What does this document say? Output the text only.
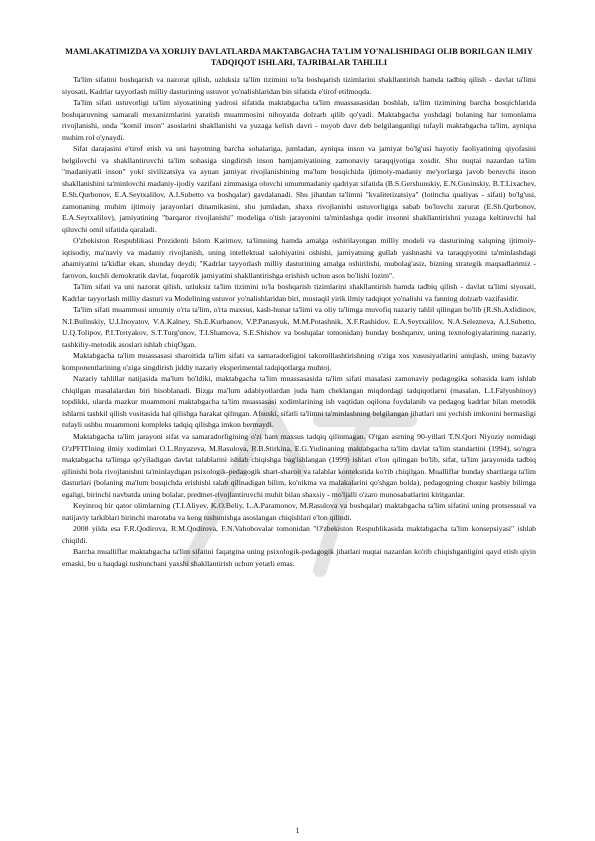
MAMLAKATIMIZDA VA XORIJIY DAVLATLARDA MAKTABGACHA TA'LIM YO'NALISHIDAGI OLIB BORILGAN ILMIY TADQIQOT ISHLARI, TAJRIBALAR TAHLILI

Ta'lim sifatini boshqarish va nazorat qilish, uzluksiz ta'lim tizimini to'la boshqarish tizimlarini shakllantirish hamda tadbiq qilish - davlat ta'limi siyosati, Kadrlar tayyorlash milliy dasturining ustuvor yo'nalishlaridan bin sifatida e'tirof etilmoqda.

Ta'lim sifati ustuvorligi ta'lim siyosatining yadrosi sifatida maktabgacha ta'lim muassasasidan boshlab, ta'lim tizimining barcha bosqichlarida boshqaruvning samarali mexanizmlarini yaratish muammosini nihoyatda dolzarb qilib qo'yadi. Maktabgacha yoshdagi bolaning har tomonlama rivojlanishi, unda "komil inson" asoslarini shakllanishi va yuzaga kelish davri - noyob davr deb belgilanganligi tufayli maktabgacha ta'lim, ayniqsa muhim rol o'ynaydi.

Sifat darajasini e'tirof etish va uni hayotning barcha sohalariga, jumladan, ayniqsa inson va jamiyat bo'lg'usi hayotiy faoliyatining qiyofasini belgilovchi va shakllantiruvchi ta'lim sohasiga singdirish inson hamjamiyatining zamonaviy taraqqiyotiga xosdir. Shu nuqtai nazardan ta'lim "madaniyatli inson" yoki sivilizatsiya va aynan jamiyat rivojlanishining ma'lum bosqichida ijtimoiy-madaniy me'yorlarga javob beruvchi inson shakllanishini ta'minlovchi madaniy-ijodiy vazifani zimmasiga oluvchi umummadaniy qadriyat sifatida (B.S.Gershunskiy, E.N.Gusinskiy, B.T.Lixachev, E.Sh.Qurbonov, E.A.Seytxalilov, A.I.Subetto va boshqalar) gavdalanadi. Shu jihatdan ta'limni "kvalitetizatsiya" (lotincha qualiyas - sifati) bo'lg'usi, zamonaning muhim ijtimoiy jarayonlari dinamikasini, shu jumladan, shaxs rivojlanishi ustuvorligiga sabab bo'luvchi zarurat (E.Sh.Qurbonov, E.A.Seytxalilov), jamiyatining "barqaror rivojlanishi" modeliga o'tish jarayonini ta'minlashga qodir insonni shakllantirishni yuzaga keltiruvchi hal qiluvchi omil sifatida qaraladi.

O'zbekiston Respublikasi Prezidenti Islom Karimov, ta'limning hamda amalga oshirilayotgan milliy modeli va dasturining xalqning ijtimoiy-iqtisodiy, ma'naviy va madaniy rivojlanish, uning intellektual salohiyatini oshishi, jamiyatning gullab yashnashi va taraqqiyotini ta'minlashdagi ahamiyatini ta'kidlar ekan, shunday deydi; "Kadrlar tayyorlash milliy dasturining amalga oshirilishi, mubolag'asiz, bizning strategik maqsadlarimiz - farovon, kuchli demokratik davlat, fuqarolik jamiyatini shakllantirishga erishish uchun asos bo'lishi lozim".

Ta'lim sifati va uni nazorat qilish, uzluksiz ta'lim tizimini to'la boshqarish tizimlarini shakllantirish hamda tadbiq qilish - davlat ta'limi siyosati, Kadrlar tayyorlash milliy dasturi va Modelining ustuvor yo'nalishlaridan biri, mustaqil yirik ilmiy tadqiqot yo'nalishi va fanning dolzarb vazifasidir.

Ta'lim sifati muammosi umumiy o'rta ta'lim, o'rta maxsus, kasb-hunar ta'limi va oliy ta'limga muvofiq nazariy tahlil qilingan bo'lib (R.Sh.Axlidinov, N.I.Bulinskiy, U.I.Inoyatov, V.A.Kalney, Sh.E.Kurbanov, V.P.Panasyuk, M.M.Potashnik, X.F.Rashidov, E.A.Seytxalilov, N.A.Selezneva, A.I.Subetto, U.Q.Tolipov, P.I.Tretyakov, S.T.Turg'unov, T.I.Shamova, S.E.Shishov va boshqalar tomonidan) bunday boshqaruv, uning texnologiyalarining nazariy, tashkiliy-metodik asoslari ishlab chiqOgan.

Maktabgacha ta'lim muassasasi sharoitida ta'lim sifati va samaradorligini takomillashtirishning o'ziga xos xususiyatlarini aniqlash, uning bazaviy komponentlarining o'ziga singdirish jiddiy nazariy eksperimental tadqiqotlarga muhtoj.

Nazariy tahlillar natijasida ma'lum bo'ldiki, maktabgacha ta'lim muassasasida ta'lim sifati masalasi zamonaviy pedagogika sohasida kam ishlab chiqilgan masalalardan biri hisoblanadi. Bizga ma'lum adabiyotlardan juda ham cheklangan miqdordagi tadqiqotlarni (masalan, L.I.Falyushinoy) topdikki, ularda mazkur muammoni maktabgacha ta'lim muassasasi xodimlarining ish vaqtidan oqilona foydalanib va pedagog kadrlar bilan metodik ishlarni tashkil qilish vositasida hal qilishga harakat qilingan. Afsuski, sifatli ta'limni ta'minlashning belgilangan jihatlari uni yechish imkonini bermasligi tufayli ushbu muammoni kompleks tadqiq qilishga imkon bermaydi.

Maktabgacha ta'lim jarayoni sifat va samaradorligining o'zi ham maxsus tadqiq qilinmagan. O'tgan asrning 90-yillari T.N.Qori Niyoziy nomidagi O'zPFITIning ilmiy xodimlari O.L.Rnyazeva, M.Rasulova, R.B.Stirkina, E.G.Yudinaning maktabgacha ta'lim davlat ta'lim standartini (1994), so'ngra maktabgacha ta'limga qo'yiladigan davlat talablarini ishlab chiqishga bag'ishlangan (1999) ishlari e'lon qilingan bo'lib, sifat, ta'lim jarayonida tadbiq qilinishi bola rivojlanishni ta'minlaydigan psixologik-pedagogik shart-sharoit va talablar kontekstida ko'rib chiqilgan. Mualliflar bunday shartlarga ta'lim dasturlari (bolaning ma'lum bosqichda erishishi talab qilinadigan bilim, ko'nikma va malakalarini qo'shgan holda), pedagogning chuqur kasbiy bilimga egaligi, birinchi navbatda uning bolalar, predmet-rivojlantiruvchi muhit bilan shaxsiy - mo'ljalli o'zaro munosabatlarini kiritganlar.

Keyinroq bir qator olimlarning (T.I.Aliyev, K.O.Beliy, L.A.Paramonov, M.Rasulova va boshqalar) maktabgacha ta'lim sifatini uning protsessual va natijaviy tarkiblari birinchi marotaba va keng tushunishga asoslangan chiqishlari e'lon qilindi.

2008 yilda esa F.R.Qodirova, R.M.Qodirova, F.N.Vahobovalar tomonidan "O'zbekiston Respublikasida maktabgacha ta'lim konsepsiyasi" ishlab chiqildi.

Barcha mualliflar maktabgacha ta'lim sifatini faqatgina uning psixologik-pedagogik jihatlari nuqtai nazardan ko'rib chiqishganligini qayd etish qiyin emaski, bu u haqdagi tushunchani yaxshi shakllantirish uchun yetarli emas.

1
